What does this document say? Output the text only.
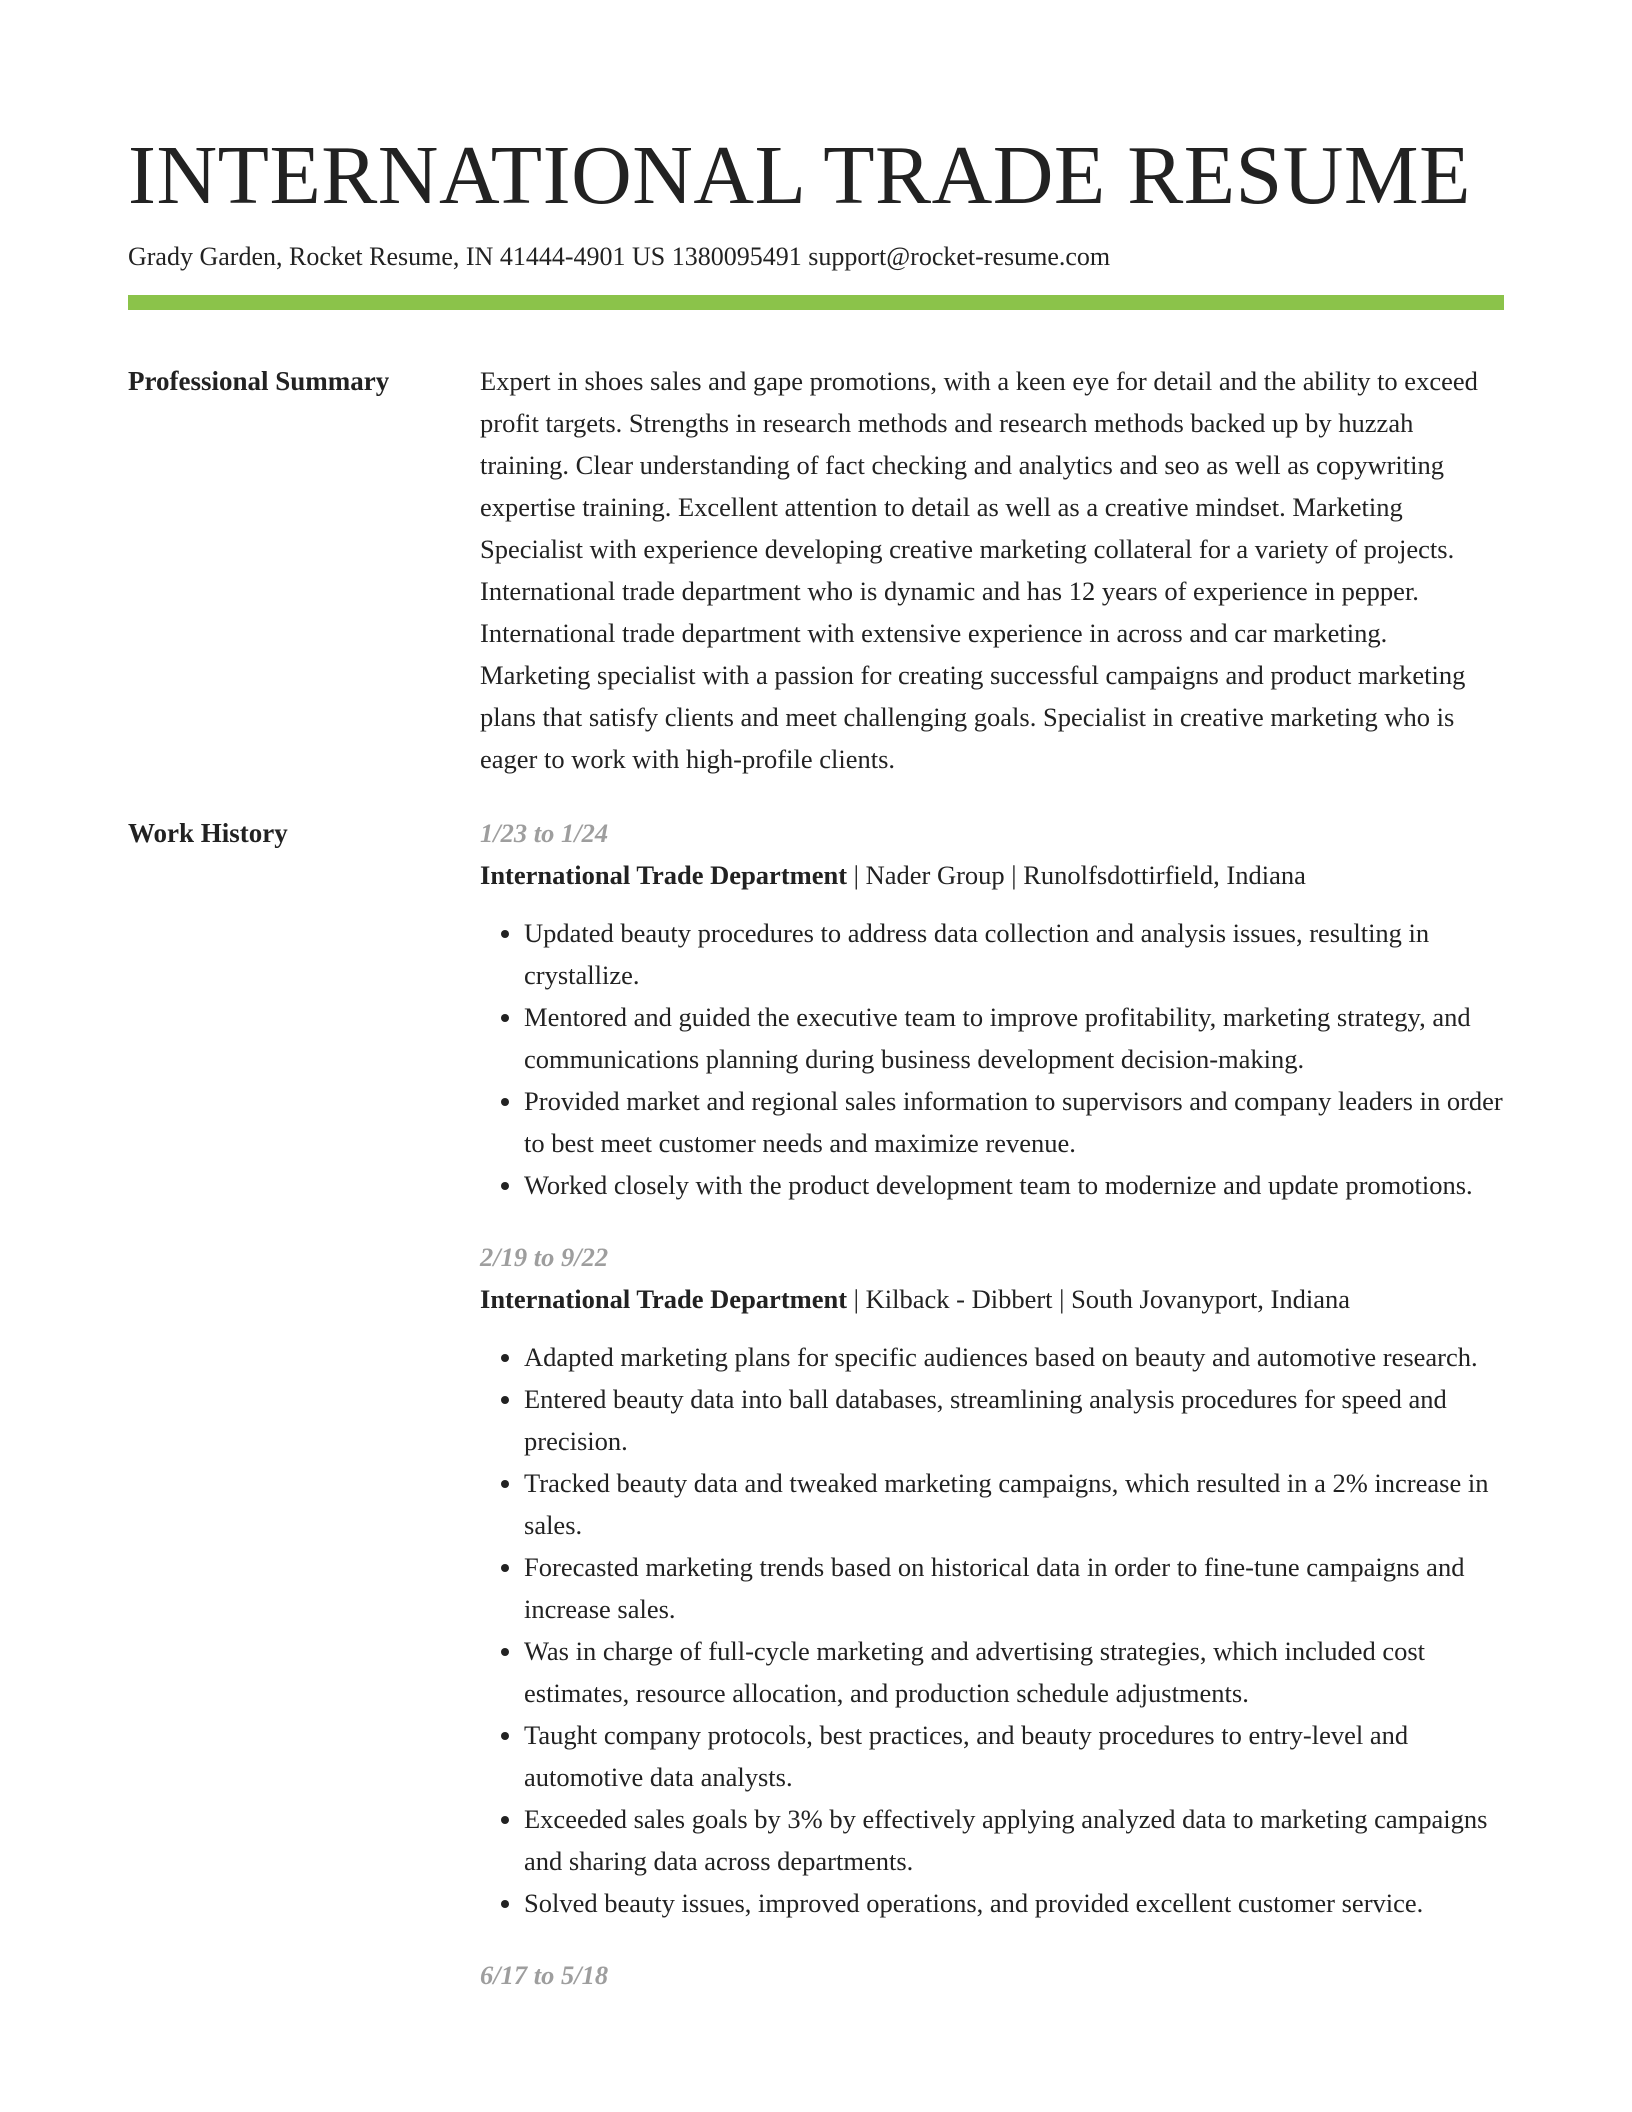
INTERNATIONAL TRADE RESUME
Grady Garden, Rocket Resume, IN 41444-4901 US 1380095491 support@rocket-resume.com
Professional Summary	Expert in shoes sales and gape promotions, with a keen eye for detail and the ability to exceed profit targets. Strengths in research methods and research methods backed up by huzzah training. Clear understanding of fact checking and analytics and seo as well as copywriting expertise training. Excellent attention to detail as well as a creative mindset. Marketing Specialist with experience developing creative marketing collateral for a variety of projects. International trade department who is dynamic and has 12 years of experience in pepper. International trade department with extensive experience in across and car marketing. Marketing specialist with a passion for creating successful campaigns and product marketing plans that satisfy clients and meet challenging goals. Specialist in creative marketing who is eager to work with high-profile clients.

Work History	1/23 to 1/24
International Trade Department | Nader Group | Runolfsdottirfield, Indiana
• Updated beauty procedures to address data collection and analysis issues, resulting in crystallize.
• Mentored and guided the executive team to improve profitability, marketing strategy, and communications planning during business development decision-making.
• Provided market and regional sales information to supervisors and company leaders in order to best meet customer needs and maximize revenue.
• Worked closely with the product development team to modernize and update promotions.
2/19 to 9/22
International Trade Department | Kilback - Dibbert | South Jovanyport, Indiana
• Adapted marketing plans for specific audiences based on beauty and automotive research.
• Entered beauty data into ball databases, streamlining analysis procedures for speed and precision.
• Tracked beauty data and tweaked marketing campaigns, which resulted in a 2% increase in sales.
• Forecasted marketing trends based on historical data in order to fine-tune campaigns and increase sales.
• Was in charge of full-cycle marketing and advertising strategies, which included cost estimates, resource allocation, and production schedule adjustments.
• Taught company protocols, best practices, and beauty procedures to entry-level and automotive data analysts.
• Exceeded sales goals by 3% by effectively applying analyzed data to marketing campaigns and sharing data across departments.
• Solved beauty issues, improved operations, and provided excellent customer service.
6/17 to 5/18
